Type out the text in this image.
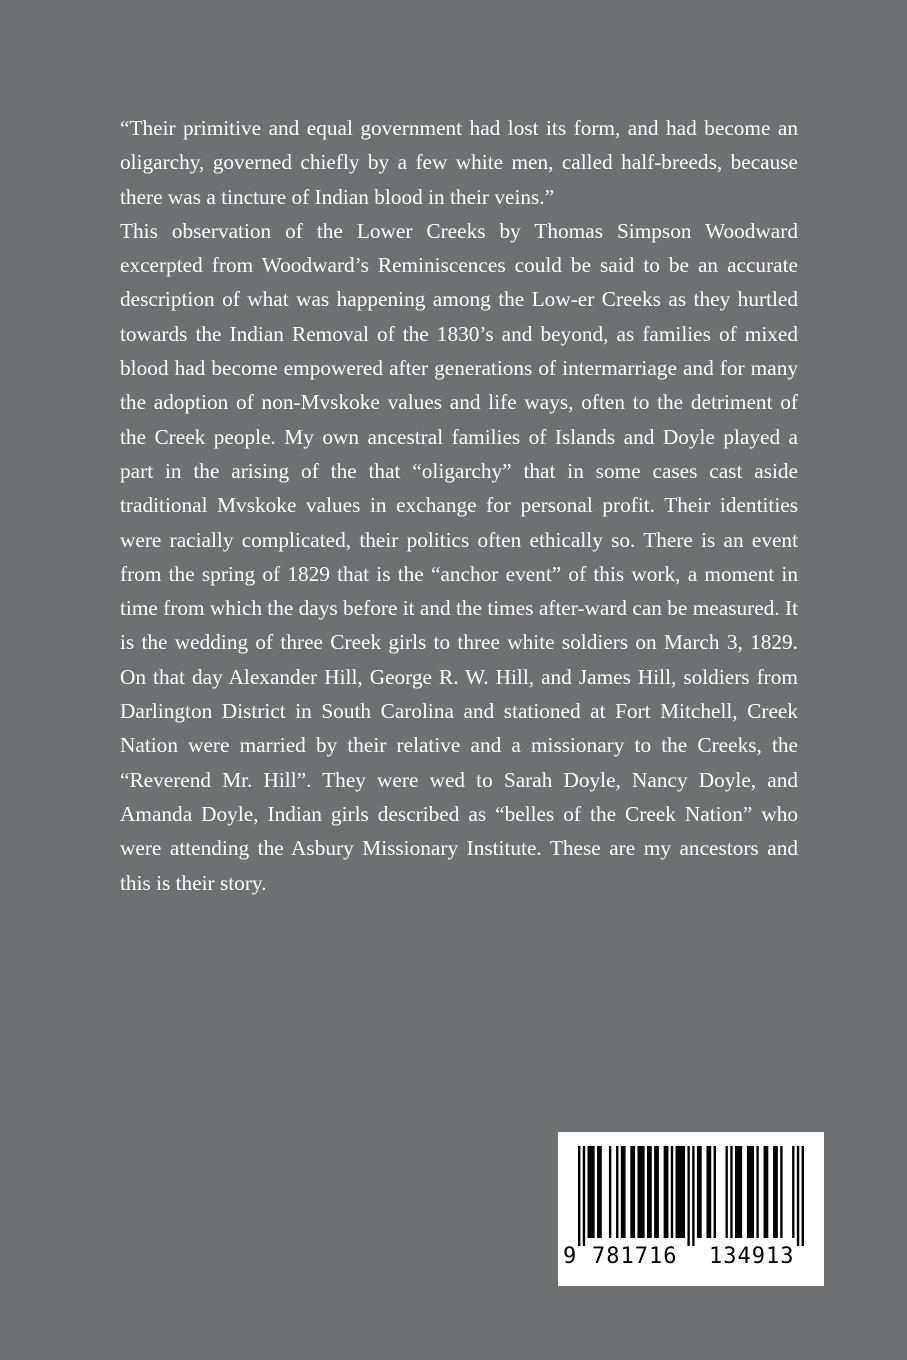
“Their primitive and equal government had lost its form, and had become an oligarchy, governed chiefly by a few white men, called half-breeds, because there was a tincture of Indian blood in their veins.”

This observation of the Lower Creeks by Thomas Simpson Woodward excerpted from Woodward’s Reminiscences could be said to be an accurate description of what was happening among the Low-er Creeks as they hurtled towards the Indian Removal of the 1830’s and beyond, as families of mixed blood had become empowered after generations of intermarriage and for many the adoption of non-Mvskoke values and life ways, often to the detriment of the Creek people. My own ancestral families of Islands and Doyle played a part in the arising of the that “oligarchy” that in some cases cast aside traditional Mvskoke values in exchange for personal profit. Their identities were racially complicated, their politics often ethically so. There is an event from the spring of 1829 that is the “anchor event” of this work, a moment in time from which the days before it and the times after-ward can be measured. It is the wedding of three Creek girls to three white soldiers on March 3, 1829. On that day Alexander Hill, George R. W. Hill, and James Hill, soldiers from Darlington District in South Carolina and stationed at Fort Mitchell, Creek Nation were married by their relative and a missionary to the Creeks, the “Reverend Mr. Hill”. They were wed to Sarah Doyle, Nancy Doyle, and Amanda Doyle, Indian girls described as “belles of the Creek Nation” who were attending the Asbury Missionary Institute. These are my ancestors and this is their story.

9 781716 134913
